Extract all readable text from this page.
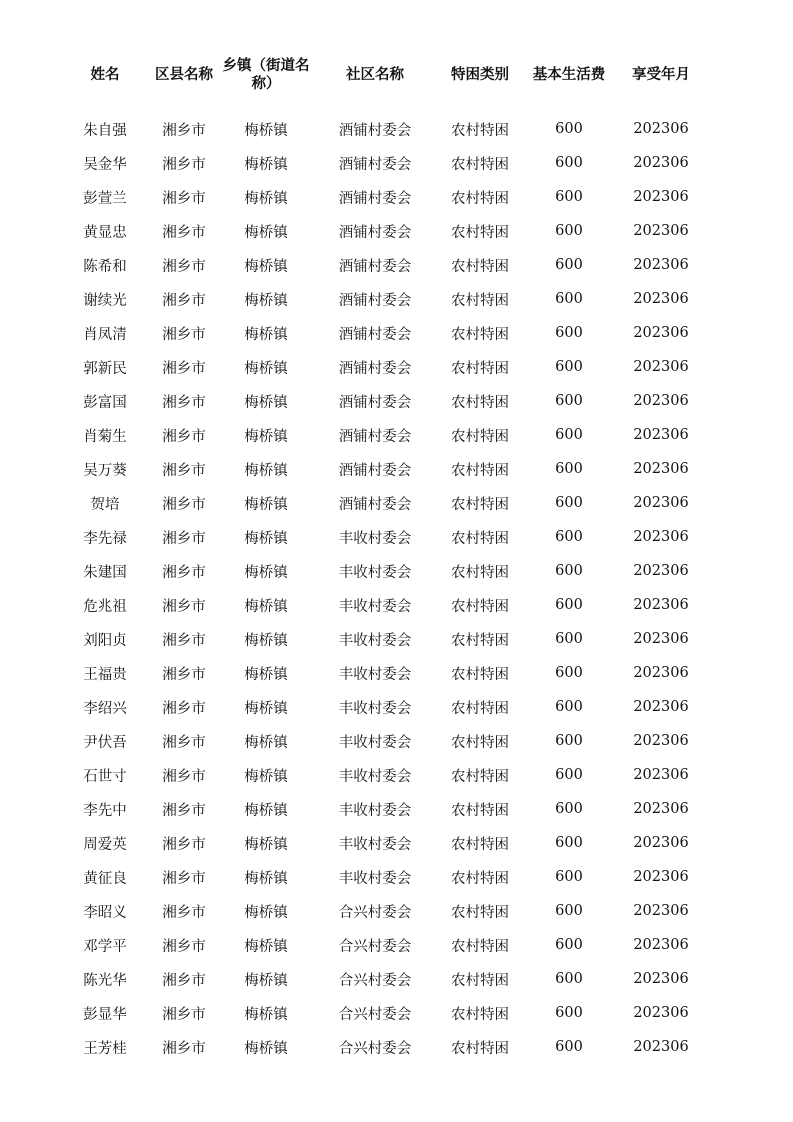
姓名	区县名称	乡镇（街道名称）	社区名称	特困类别	基本生活费	享受年月

朱自强	湘乡市	梅桥镇	酒铺村委会	农村特困	600	202306
吴金华	湘乡市	梅桥镇	酒铺村委会	农村特困	600	202306
彭萱兰	湘乡市	梅桥镇	酒铺村委会	农村特困	600	202306
黄显忠	湘乡市	梅桥镇	酒铺村委会	农村特困	600	202306
陈希和	湘乡市	梅桥镇	酒铺村委会	农村特困	600	202306
谢续光	湘乡市	梅桥镇	酒铺村委会	农村特困	600	202306
肖凤清	湘乡市	梅桥镇	酒铺村委会	农村特困	600	202306
郭新民	湘乡市	梅桥镇	酒铺村委会	农村特困	600	202306
彭富国	湘乡市	梅桥镇	酒铺村委会	农村特困	600	202306
肖菊生	湘乡市	梅桥镇	酒铺村委会	农村特困	600	202306
吴万葵	湘乡市	梅桥镇	酒铺村委会	农村特困	600	202306
贺培	湘乡市	梅桥镇	酒铺村委会	农村特困	600	202306
李先禄	湘乡市	梅桥镇	丰收村委会	农村特困	600	202306
朱建国	湘乡市	梅桥镇	丰收村委会	农村特困	600	202306
危兆祖	湘乡市	梅桥镇	丰收村委会	农村特困	600	202306
刘阳贞	湘乡市	梅桥镇	丰收村委会	农村特困	600	202306
王福贵	湘乡市	梅桥镇	丰收村委会	农村特困	600	202306
李绍兴	湘乡市	梅桥镇	丰收村委会	农村特困	600	202306
尹伏吾	湘乡市	梅桥镇	丰收村委会	农村特困	600	202306
石世寸	湘乡市	梅桥镇	丰收村委会	农村特困	600	202306
李先中	湘乡市	梅桥镇	丰收村委会	农村特困	600	202306
周爱英	湘乡市	梅桥镇	丰收村委会	农村特困	600	202306
黄征良	湘乡市	梅桥镇	丰收村委会	农村特困	600	202306
李昭义	湘乡市	梅桥镇	合兴村委会	农村特困	600	202306
邓学平	湘乡市	梅桥镇	合兴村委会	农村特困	600	202306
陈光华	湘乡市	梅桥镇	合兴村委会	农村特困	600	202306
彭显华	湘乡市	梅桥镇	合兴村委会	农村特困	600	202306
王芳桂	湘乡市	梅桥镇	合兴村委会	农村特困	600	202306
